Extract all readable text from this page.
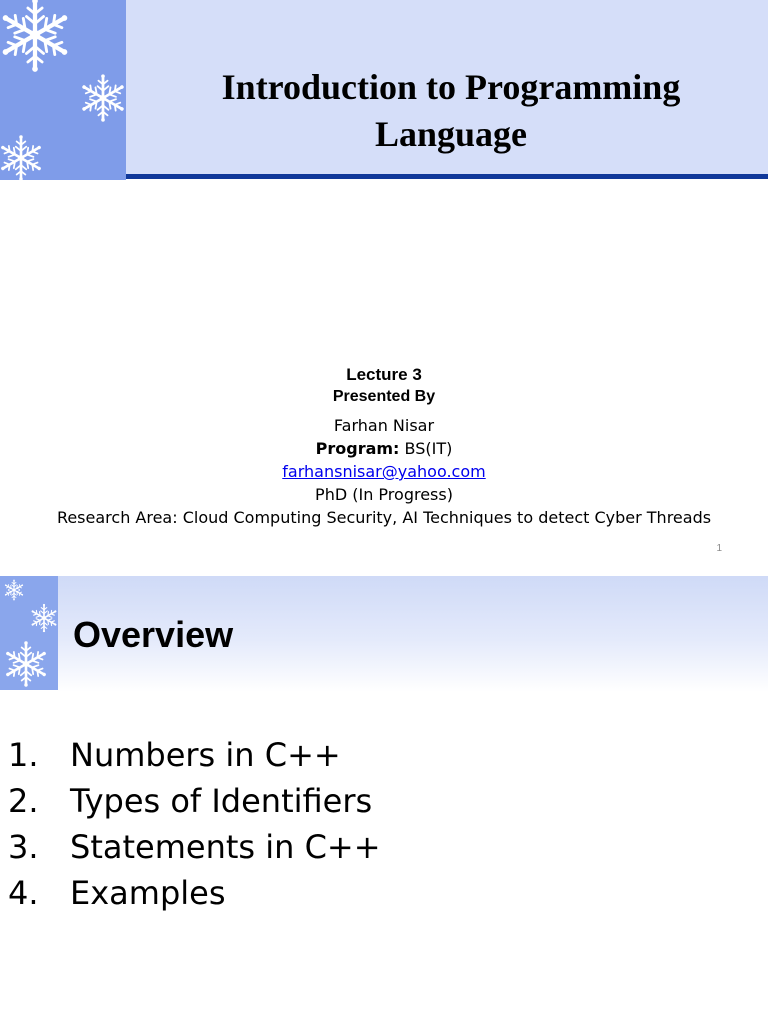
Introduction to Programming
Language
Lecture 3
Presented By
Farhan Nisar
Program: BS(IT)
farhansnisar@yahoo.com
PhD (In Progress)
Research Area: Cloud Computing Security, AI Techniques to detect Cyber Threads
1
Overview
1. Numbers in C++
2. Types of Identifiers
3. Statements in C++
4. Examples
